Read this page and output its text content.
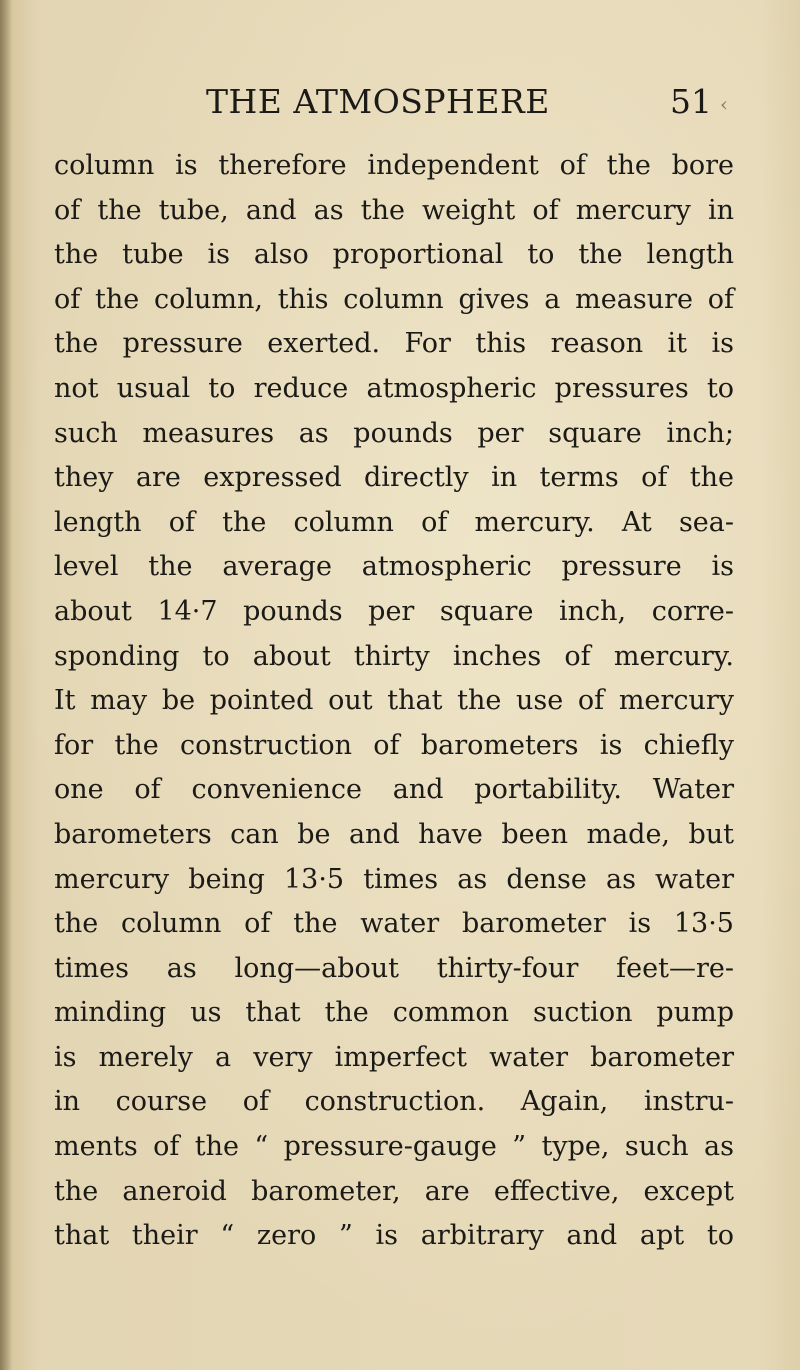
THE ATMOSPHERE	51 ‹
column is therefore independent of the bore
of the tube, and as the weight of mercury in
the tube is also proportional to the length
of the column, this column gives a measure of
the pressure exerted. For this reason it is
not usual to reduce atmospheric pressures to
such measures as pounds per square inch;
they are expressed directly in terms of the
length of the column of mercury. At sea-
level the average atmospheric pressure is
about 14·7 pounds per square inch, corre-
sponding to about thirty inches of mercury.
It may be pointed out that the use of mercury
for the construction of barometers is chiefly
one of convenience and portability. Water
barometers can be and have been made, but
mercury being 13·5 times as dense as water
the column of the water barometer is 13·5
times as long—about thirty-four feet—re-
minding us that the common suction pump
is merely a very imperfect water barometer
in course of construction. Again, instru-
ments of the “ pressure-gauge ” type, such as
the aneroid barometer, are effective, except
that their “ zero ” is arbitrary and apt to
